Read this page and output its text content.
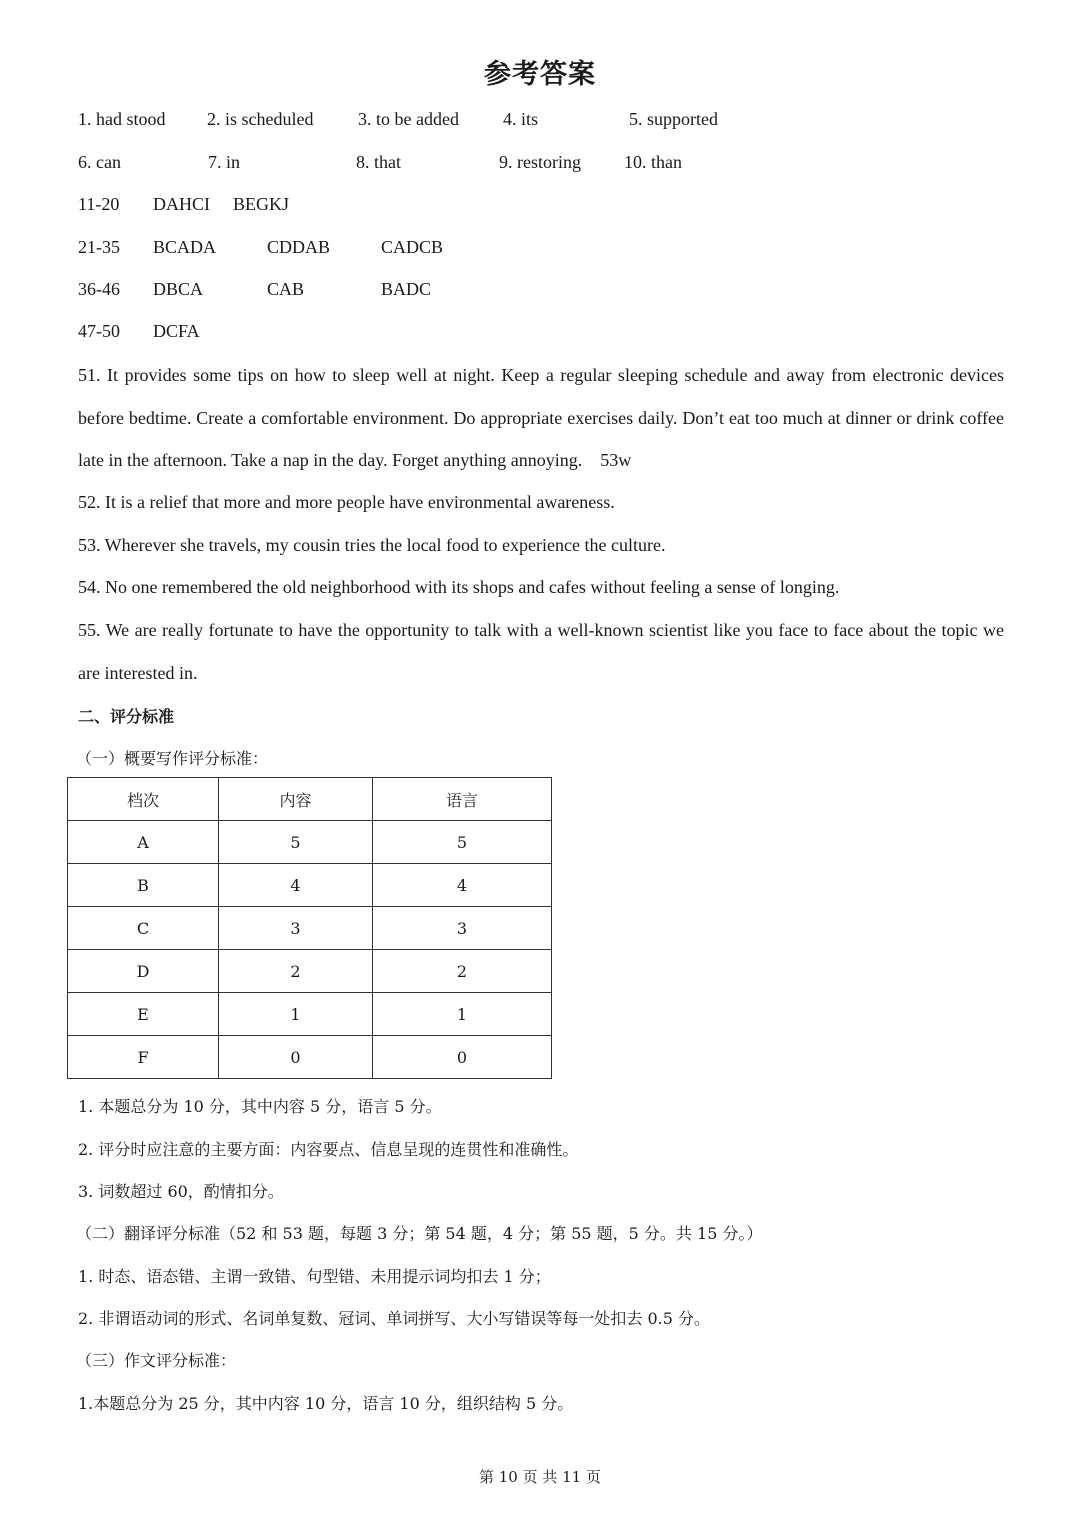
参考答案
1. had stood 2. is scheduled 3. to be added 4. its	5. supported
6. can	7. in	8. that	9. restoring 10. than
11-20 DAHCI BEGKJ
21-35 BCADA	CDDAB	CADCB
36-46 DBCA	CAB	BADC
47-50 DCFA
51. It provides some tips on how to sleep well at night. Keep a regular sleeping schedule and away from electronic devices before bedtime. Create a comfortable environment. Do appropriate exercises daily. Don’t eat too much at dinner or drink coffee late in the afternoon. Take a nap in the day. Forget anything annoying. 53w
52. It is a relief that more and more people have environmental awareness.
53. Wherever she travels, my cousin tries the local food to experience the culture.
54. No one remembered the old neighborhood with its shops and cafes without feeling a sense of longing.
55. We are really fortunate to have the opportunity to talk with a well-known scientist like you face to face about the topic we are interested in.
二、评分标准
（一）概要写作评分标准：
档次	内容	语言
A	5	5
B	4	4
C	3	3
D	2	2
E	1	1
F	0	0
1. 本题总分为 10 分，其中内容 5 分，语言 5 分。
2. 评分时应注意的主要方面：内容要点、信息呈现的连贯性和准确性。
3. 词数超过 60，酌情扣分。
（二）翻译评分标准（52 和 53 题，每题 3 分；第 54 题，4 分；第 55 题，5 分。共 15 分。）
1. 时态、语态错、主谓一致错、句型错、未用提示词均扣去 1 分；
2. 非谓语动词的形式、名词单复数、冠词、单词拼写、大小写错误等每一处扣去 0.5 分。
（三）作文评分标准：
1.本题总分为 25 分，其中内容 10 分，语言 10 分，组织结构 5 分。
第 10 页 共 11 页
